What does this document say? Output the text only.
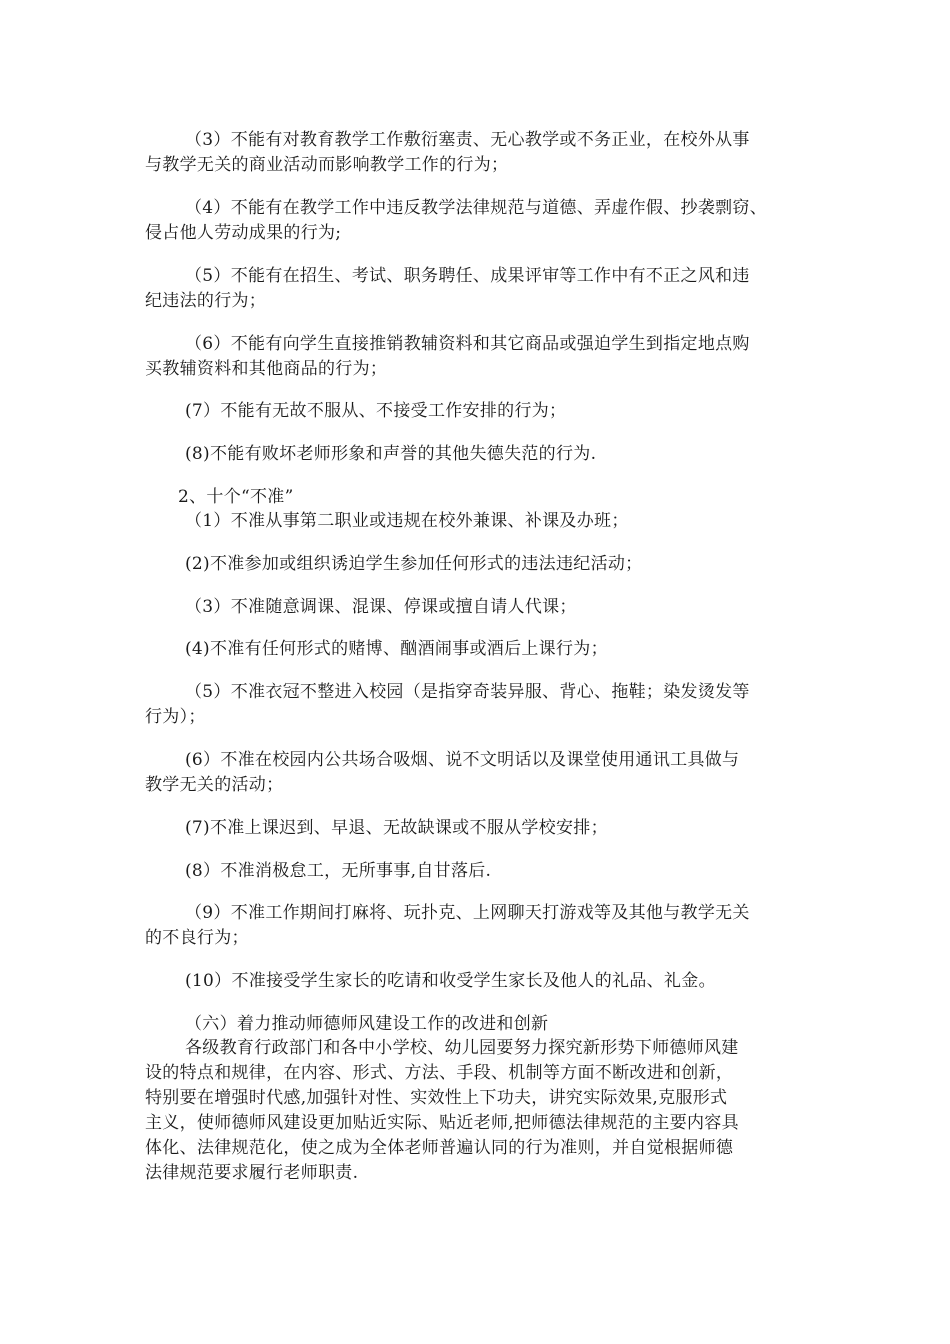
（3）不能有对教育教学工作敷衍塞责、无心教学或不务正业，在校外从事
与教学无关的商业活动而影响教学工作的行为；
（4）不能有在教学工作中违反教学法律规范与道德、弄虚作假、抄袭剽窃、
侵占他人劳动成果的行为;
（5）不能有在招生、考试、职务聘任、成果评审等工作中有不正之风和违
纪违法的行为；
（6）不能有向学生直接推销教辅资料和其它商品或强迫学生到指定地点购
买教辅资料和其他商品的行为；
(7）不能有无故不服从、不接受工作安排的行为；
(8)不能有败坏老师形象和声誉的其他失德失范的行为.
2、十个“不准”
（1）不准从事第二职业或违规在校外兼课、补课及办班；
(2)不准参加或组织诱迫学生参加任何形式的违法违纪活动；
（3）不准随意调课、混课、停课或擅自请人代课；
(4)不准有任何形式的赌博、酗酒闹事或酒后上课行为；
（5）不准衣冠不整进入校园（是指穿奇装异服、背心、拖鞋；染发烫发等
行为）；
(6）不准在校园内公共场合吸烟、说不文明话以及课堂使用通讯工具做与
教学无关的活动；
(7)不准上课迟到、早退、无故缺课或不服从学校安排；
(8）不准消极怠工，无所事事,自甘落后.
（9）不准工作期间打麻将、玩扑克、上网聊天打游戏等及其他与教学无关
的不良行为；
(10）不准接受学生家长的吃请和收受学生家长及他人的礼品、礼金。
（六）着力推动师德师风建设工作的改进和创新
各级教育行政部门和各中小学校、幼儿园要努力探究新形势下师德师风建
设的特点和规律，在内容、形式、方法、手段、机制等方面不断改进和创新，
特别要在增强时代感,加强针对性、实效性上下功夫，讲究实际效果,克服形式
主义，使师德师风建设更加贴近实际、贴近老师,把师德法律规范的主要内容具
体化、法律规范化，使之成为全体老师普遍认同的行为准则，并自觉根据师德
法律规范要求履行老师职责.
